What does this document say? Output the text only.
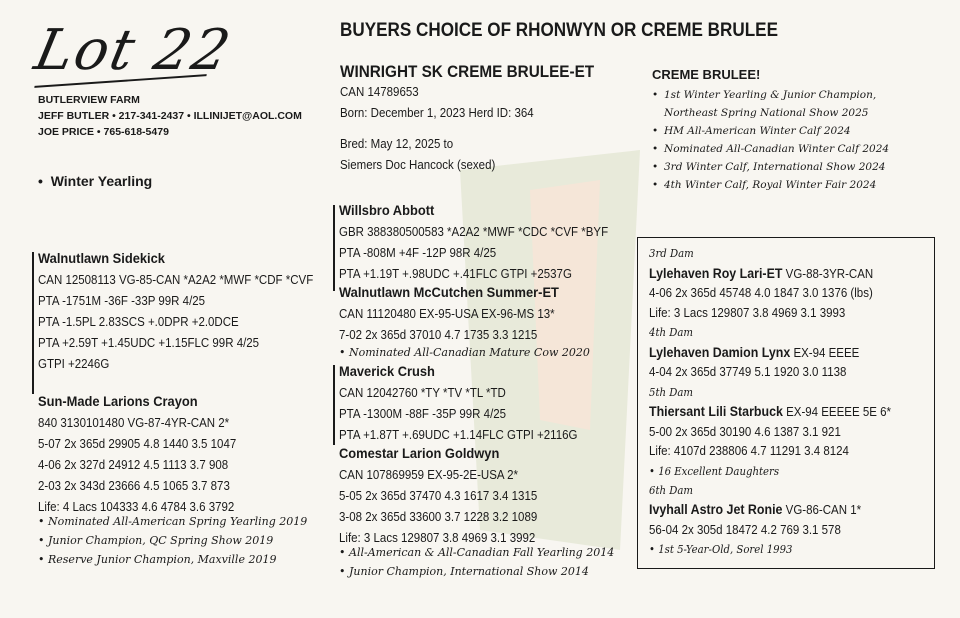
Lot 22
BUTLERVIEW FARM
JEFF BUTLER • 217-341-2437 • ILLINIJET@AOL.COM
JOE PRICE • 765-618-5479
•  Winter Yearling
BUYERS CHOICE OF RHONWYN OR CREME BRULEE
WINRIGHT SK CREME BRULEE-ET
CAN 14789653
Born: December 1, 2023 Herd ID: 364
Bred: May 12, 2025 to
Siemers Doc Hancock (sexed)
CREME BRULEE!
• 1st Winter Yearling & Junior Champion,
Northeast Spring National Show 2025
• HM All-American Winter Calf 2024
• Nominated All-Canadian Winter Calf 2024
• 3rd Winter Calf, International Show 2024
• 4th Winter Calf, Royal Winter Fair 2024
Walnutlawn Sidekick
CAN 12508113 VG-85-CAN *A2A2 *MWF *CDF *CVF
PTA -1751M -36F -33P 99R 4/25
PTA -1.5PL 2.83SCS +.0DPR +2.0DCE
PTA +2.59T +1.45UDC +1.15FLC 99R 4/25
GTPI +2246G
Sun-Made Larions Crayon
840 3130101480 VG-87-4YR-CAN 2*
5-07 2x 365d 29905 4.8 1440 3.5 1047
4-06 2x 327d 24912 4.5 1113 3.7 908
2-03 2x 343d 23666 4.5 1065 3.7 873
Life: 4 Lacs 104333 4.6 4784 3.6 3792
• Nominated All-American Spring Yearling 2019
• Junior Champion, QC Spring Show 2019
• Reserve Junior Champion, Maxville 2019
Willsbro Abbott
GBR 388380500583 *A2A2 *MWF *CDC *CVF *BYF
PTA -808M +4F -12P 98R 4/25
PTA +1.19T +.98UDC +.41FLC GTPI +2537G
Walnutlawn McCutchen Summer-ET
CAN 11120480 EX-95-USA EX-96-MS 13*
7-02 2x 365d 37010 4.7 1735 3.3 1215
• Nominated All-Canadian Mature Cow 2020
Maverick Crush
CAN 12042760 *TY *TV *TL *TD
PTA -1300M -88F -35P 99R 4/25
PTA +1.87T +.69UDC +1.14FLC GTPI +2116G
Comestar Larion Goldwyn
CAN 107869959 EX-95-2E-USA 2*
5-05 2x 365d 37470 4.3 1617 3.4 1315
3-08 2x 365d 33600 3.7 1228 3.2 1089
Life: 3 Lacs 129807 3.8 4969 3.1 3992
• All-American & All-Canadian Fall Yearling 2014
• Junior Champion, International Show 2014
3rd Dam
Lylehaven Roy Lari-ET VG-88-3YR-CAN
4-06 2x 365d 45748 4.0 1847 3.0 1376 (lbs)
Life: 3 Lacs 129807 3.8 4969 3.1 3993
4th Dam
Lylehaven Damion Lynx EX-94 EEEE
4-04 2x 365d 37749 5.1 1920 3.0 1138
5th Dam
Thiersant Lili Starbuck EX-94 EEEEE 5E 6*
5-00 2x 365d 30190 4.6 1387 3.1 921
Life: 4107d 238806 4.7 11291 3.4 8124
• 16 Excellent Daughters
6th Dam
Ivyhall Astro Jet Ronie VG-86-CAN 1*
56-04 2x 305d 18472 4.2 769 3.1 578
• 1st 5-Year-Old, Sorel 1993
